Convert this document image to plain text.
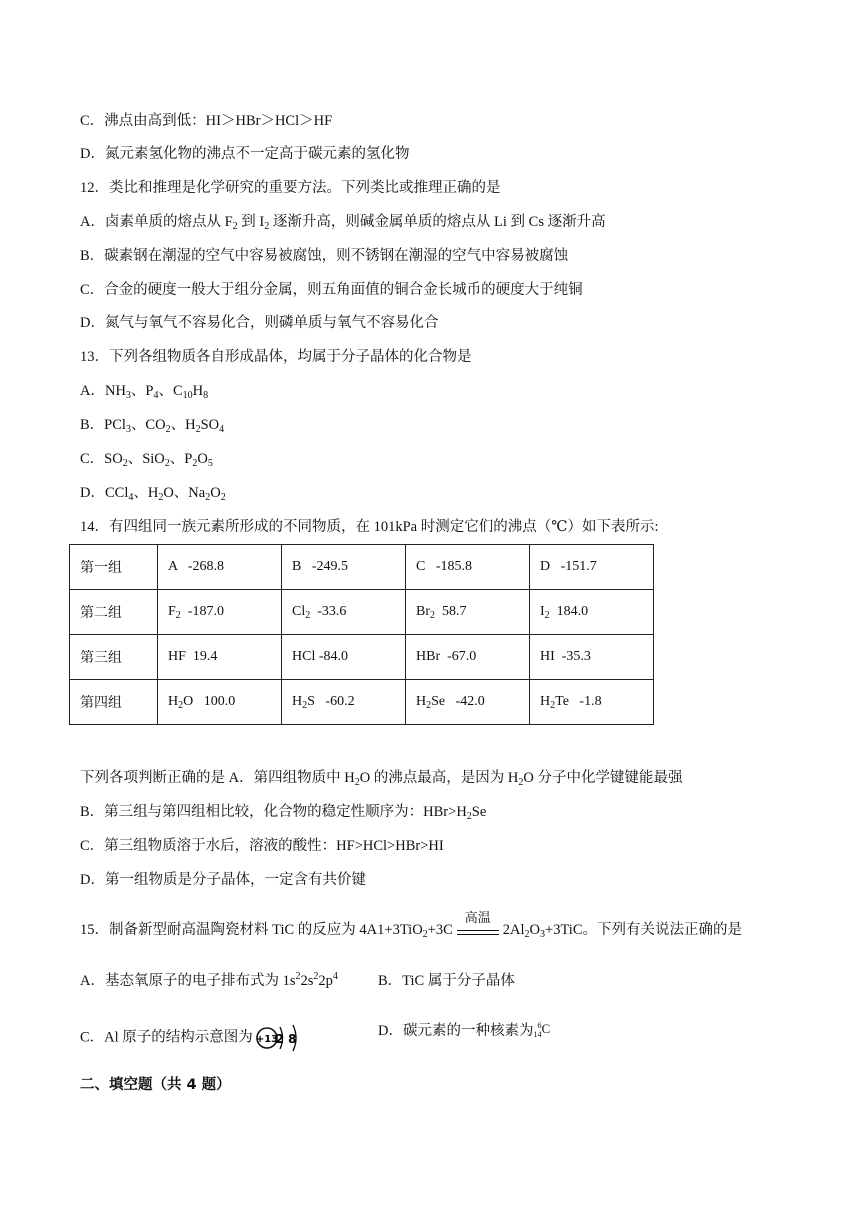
C．沸点由高到低：HI＞HBr＞HCl＞HF
D．氮元素氢化物的沸点不一定高于碳元素的氢化物
12．类比和推理是化学研究的重要方法。下列类比或推理正确的是
A．卤素单质的熔点从 $F_2$ 到 $I_2$ 逐渐升高，则碱金属单质的熔点从 Li 到 Cs 逐渐升高
B．碳素钢在潮湿的空气中容易被腐蚀，则不锈钢在潮湿的空气中容易被腐蚀
C．合金的硬度一般大于组分金属，则五角面值的铜合金长城币的硬度大于纯铜
D．氮气与氧气不容易化合，则磷单质与氧气不容易化合
13．下列各组物质各自形成晶体，均属于分子晶体的化合物是
A．$NH_3$、$P_4$、$C_{10}H_8$
B．PCl$_3$、$CO_2$、$H_2SO_4$
C．$SO_2$、SiO$_2$、$P_2O_5$
D．CCl$_4$、$H_2O$、$Na_2O_2$
14．有四组同一族元素所形成的不同物质，在 101kPa 时测定它们的沸点（℃）如下表所示:
第一组	A   -268.8	B   -249.5	C   -185.8	D   -151.7
第二组	$F_2$  -187.0	$Cl_2$  -33.6	$Br_2$  58.7	$I_2$  184.0
第三组	HF  19.4	HCl -84.0	HBr  -67.0	HI  -35.3
第四组	$H_2O$   100.0	$H_2S$   -60.2	$H_2Se$   -42.0	$H_2Te$   -1.8
下列各项判断正确的是 A．第四组物质中 $H_2O$ 的沸点最高，是因为 $H_2O$ 分子中化学键键能最强
B．第三组与第四组相比较，化合物的稳定性顺序为：$HBr>H_2Se$
C．第三组物质溶于水后，溶液的酸性：HF>HCl>HBr>HI
D．第一组物质是分子晶体，一定含有共价键
15．制备新型耐高温陶瓷材料 TiC 的反应为 4A1+3TiO$_2$+3C
高温
$2Al_2O_3+3TiC$。下列有关说法正确的是
A．基态氧原子的电子排布式为 $1s^22s^22p^4$	B．TiC 属于分子晶体
C．Al 原子的结构示意图为 +13
2 8	D．碳元素的一种核素为 6
14C
二、填空题（共 4 题）
